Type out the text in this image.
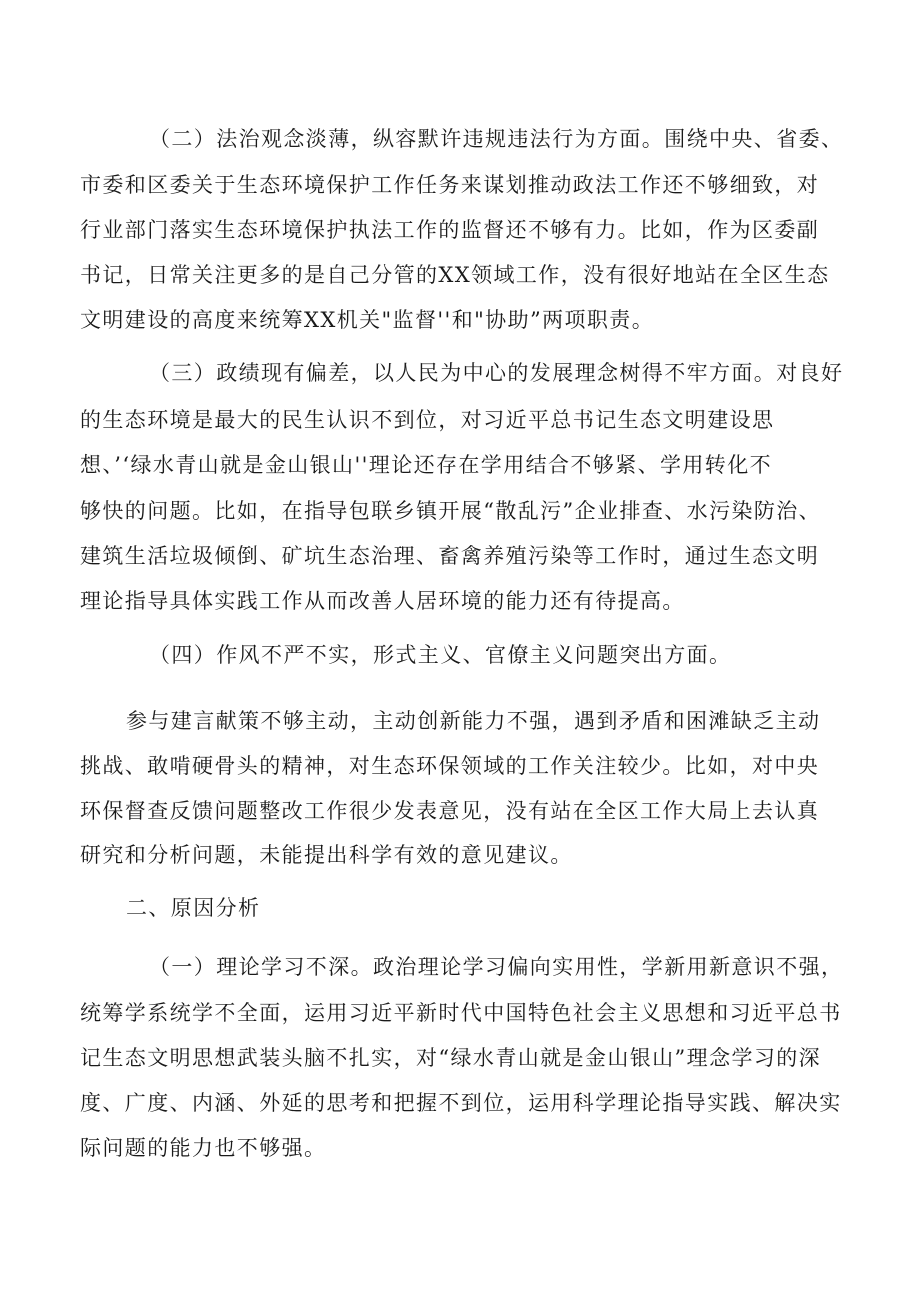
（二）法治观念淡薄，纵容默许违规违法行为方面。围绕中央、省委、
市委和区委关于生态环境保护工作任务来谋划推动政法工作还不够细致，对
行业部门落实生态环境保护执法工作的监督还不够有力。比如，作为区委副
书记，日常关注更多的是自己分管的XX领域工作，没有很好地站在全区生态
文明建设的高度来统筹XX机关"监督''和"协助”两项职责。
（三）政绩现有偏差，以人民为中心的发展理念树得不牢方面。对良好
的生态环境是最大的民生认识不到位，对习近平总书记生态文明建设思
想、’‘绿水青山就是金山银山''理论还存在学用结合不够紧、学用转化不
够快的问题。比如，在指导包联乡镇开展“散乱污”企业排查、水污染防治、
建筑生活垃圾倾倒、矿坑生态治理、畜禽养殖污染等工作时，通过生态文明
理论指导具体实践工作从而改善人居环境的能力还有待提高。
（四）作风不严不实，形式主义、官僚主义问题突出方面。
参与建言献策不够主动，主动创新能力不强，遇到矛盾和困滩缺乏主动
挑战、敢啃硬骨头的精神，对生态环保领域的工作关注较少。比如，对中央
环保督查反馈问题整改工作很少发表意见，没有站在全区工作大局上去认真
研究和分析问题，未能提出科学有效的意见建议。
二、原因分析
（一）理论学习不深。政治理论学习偏向实用性，学新用新意识不强，
统筹学系统学不全面，运用习近平新时代中国特色社会主义思想和习近平总书
记生态文明思想武装头脑不扎实，对“绿水青山就是金山银山”理念学习的深
度、广度、内涵、外延的思考和把握不到位，运用科学理论指导实践、解决实
际问题的能力也不够强。
